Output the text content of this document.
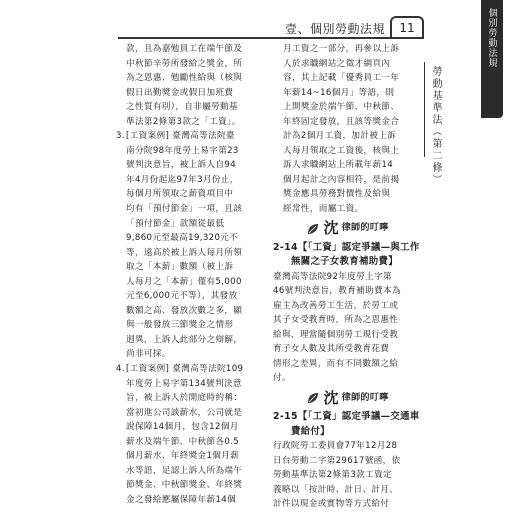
壹、個別勞動法規	11	個別勞動法規
勞動基準法（第二條）
款，且為嘉勉員工在端午節及
中秋節辛勞所發給之獎金，所
為之恩惠、勉勵性給與（核與
假日出勤獎金或假日加班費
之性質有別），自非屬勞動基
準法第2條第3款之「工資」。
3. [工資案例] 臺灣高等法院臺
南分院98年度勞上易字第23
號判決意旨，被上訴人自94
年4月份起迄97年3月份止，
每個月所領取之薪資項目中
均有「預付節金」一項，且該
「預付節金」款額從最低
9,860元至最高19,320元不
等，遠高於被上訴人每月所領
取之「本薪」數額（被上訴
人每月之「本薪」僅有5,000
元至6,000元不等），其發放
數額之高、發放次數之多，顯
與一般發放三節獎金之情形
迥異，上訴人此部分之辯解，
尚非可採。
4. [工資案例] 臺灣高等法院109
年度勞上易字第134號判決意
旨，被上訴人於開庭時約稱：
當初進公司談薪水，公司就是
說保障14個月，包含12個月
薪水及端午節、中秋節各0.5
個月薪水、年終獎金1個月薪
水等語，足認上訴人所為端午
節獎金、中秋節獎金、年終獎
金之發給應屬保障年薪14個
月工資之一部分，再參以上訴
人於求職網站之徵才網頁內
容，其上記載「優秀員工一年
年薪14~16個月」等語，則
上開獎金於端午節、中秋節、
年終固定發放，且該等獎金合
計為2個月工資，加計被上訴
人每月領取之工資後，核與上
訴人求職網站上所載年薪14
個月起計之內容相符，是前揭
獎金應具勞務對價性及給與
經常性，而屬工資。
沈 律師的叮嚀
2-14【「工資」認定爭議—與工作
無關之子女教育補助費】
臺灣高等法院92年度勞上字第
46號判決意旨，教育補助費本為
雇主為改善勞工生活，於勞工或
其子女受教育時，所為之恩惠性
給與，理當隨個別勞工現行受教
育子女人數及其所受教育花費
情形之差異，而有不同數額之給
付。
沈 律師的叮嚀
2-15【「工資」認定爭議—交通車
費給付】
行政院勞工委員會77年12月28
日台勞動二字第29617號函，依
勞動基準法第2條第3款工資定
義略以「按計時、計日、計月、
計件以現金或實物等方式給付
